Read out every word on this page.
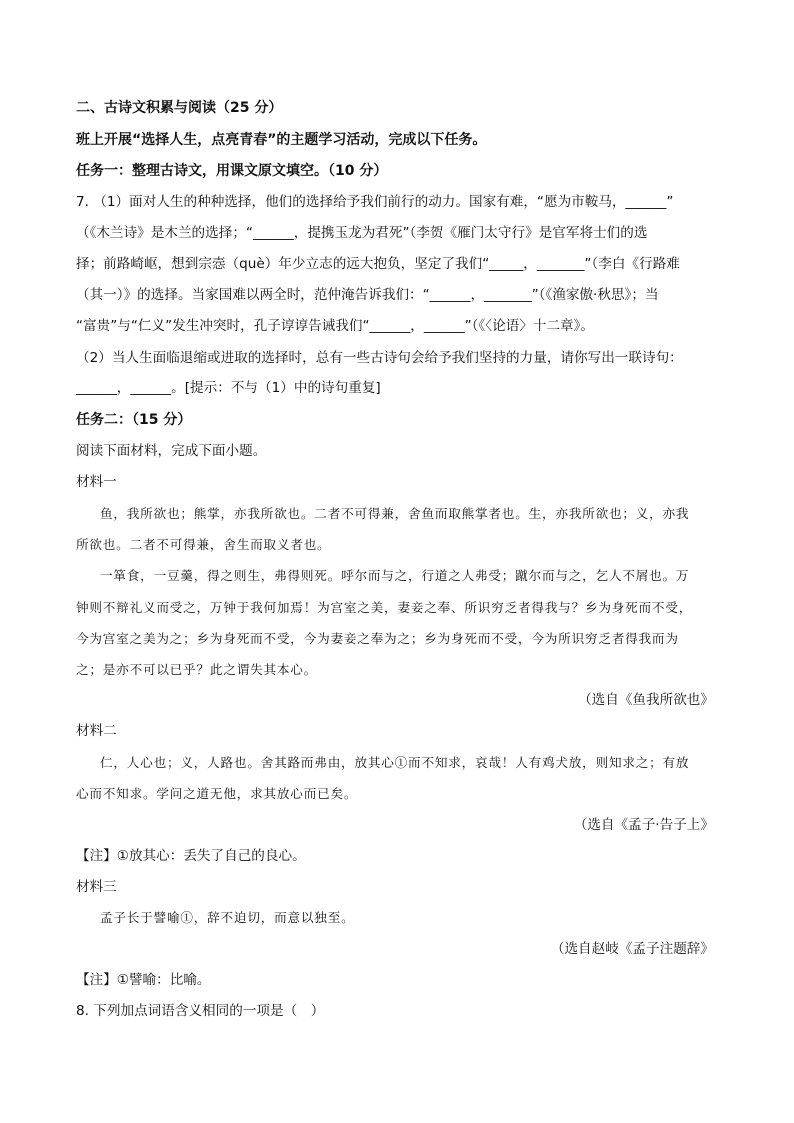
二、古诗文积累与阅读（25 分）
班上开展“选择人生，点亮青春”的主题学习活动，完成以下任务。
任务一：整理古诗文，用课文原文填空。（10 分）
7. （1）面对人生的种种选择，他们的选择给予我们前行的动力。国家有难，“愿为市鞍马，______”
（《木兰诗》是木兰的选择；“______，提携玉龙为君死”（李贺《雁门太守行》是官军将士们的选
择；前路崎岖，想到宗悫（què）年少立志的远大抱负，坚定了我们“_____，_______”（李白《行路难
（其一）》的选择。当家国难以两全时，范仲淹告诉我们：“______，_______”（《渔家傲·秋思》；当
“富贵”与“仁义”发生冲突时，孔子谆谆告诫我们“______，______”（《〈论语〉十二章》。
（2）当人生面临退缩或进取的选择时，总有一些古诗句会给予我们坚持的力量，请你写出一联诗句：
______，______。[提示：不与（1）中的诗句重复]
任务二：（15 分）
阅读下面材料，完成下面小题。
材料一
鱼，我所欲也；熊掌，亦我所欲也。二者不可得兼，舍鱼而取熊掌者也。生，亦我所欲也；义，亦我
所欲也。二者不可得兼，舍生而取义者也。
一箪食，一豆羹，得之则生，弗得则死。呼尔而与之，行道之人弗受；蹴尔而与之，乞人不屑也。万
钟则不辩礼义而受之，万钟于我何加焉！为宫室之美，妻妾之奉、所识穷乏者得我与？乡为身死而不受，
今为宫室之美为之；乡为身死而不受，今为妻妾之奉为之；乡为身死而不受，今为所识穷乏者得我而为
之；是亦不可以已乎？此之谓失其本心。
（选自《鱼我所欲也》
材料二
仁，人心也；义，人路也。舍其路而弗由，放其心①而不知求，哀哉！人有鸡犬放，则知求之；有放
心而不知求。学问之道无他，求其放心而已矣。
（选自《孟子·告子上》
【注】①放其心：丢失了自己的良心。
材料三
孟子长于譬喻①，辞不迫切，而意以独至。
（选自赵岐《孟子注题辞》
【注】①譬喻：比喻。
8. 下列加点词语含义相同的一项是（　）
